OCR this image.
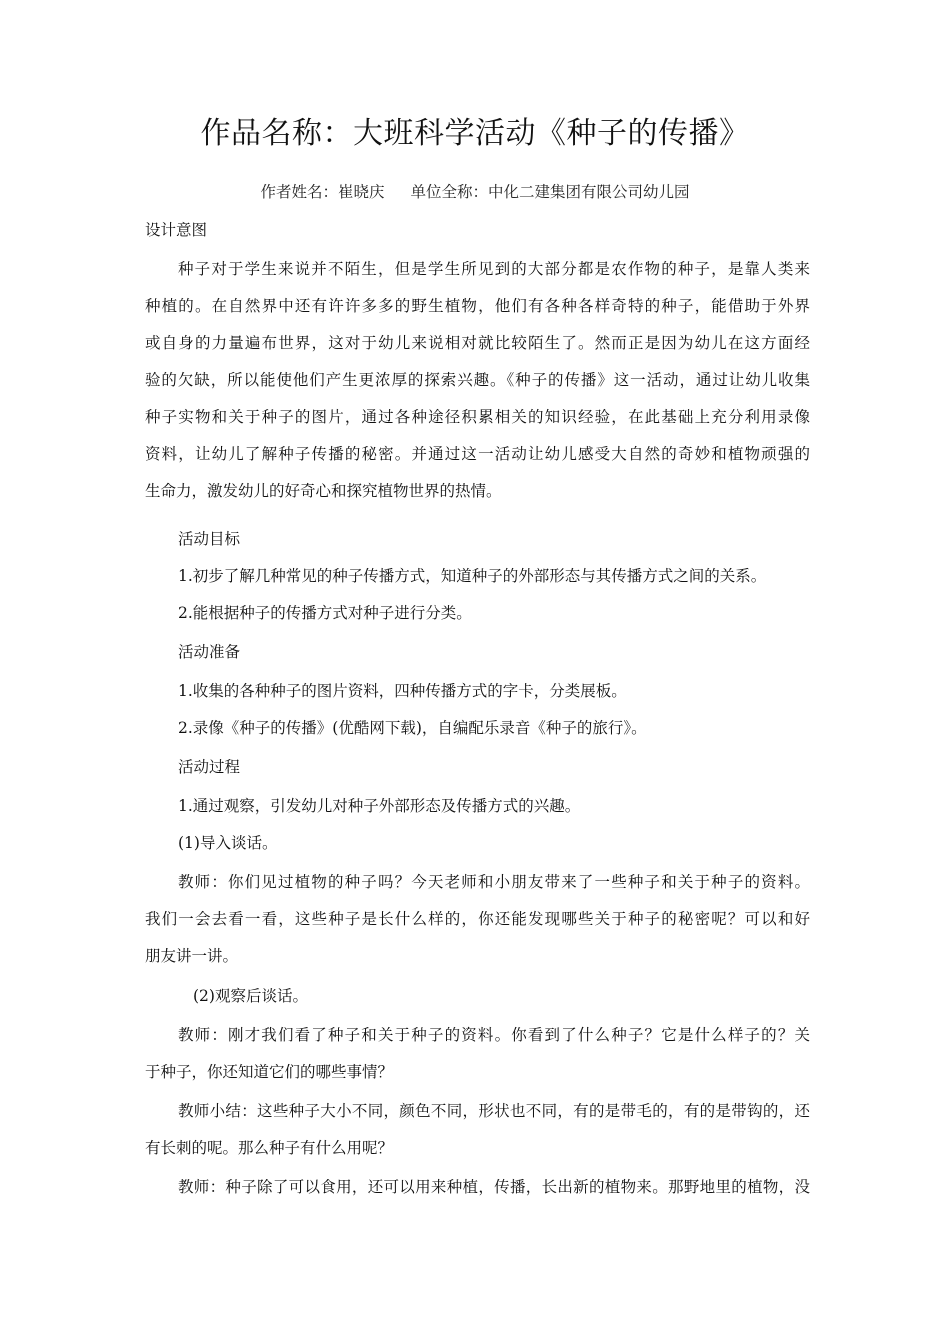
作品名称：大班科学活动《种子的传播》
作者姓名：崔晓庆 单位全称：中化二建集团有限公司幼儿园
设计意图
种子对于学生来说并不陌生，但是学生所见到的大部分都是农作物的种子，是靠人类来
种植的。在自然界中还有许许多多的野生植物，他们有各种各样奇特的种子，能借助于外界
或自身的力量遍布世界，这对于幼儿来说相对就比较陌生了。然而正是因为幼儿在这方面经
验的欠缺，所以能使他们产生更浓厚的探索兴趣。《种子的传播》这一活动，通过让幼儿收集
种子实物和关于种子的图片，通过各种途径积累相关的知识经验，在此基础上充分利用录像
资料，让幼儿了解种子传播的秘密。并通过这一活动让幼儿感受大自然的奇妙和植物顽强的
生命力，激发幼儿的好奇心和探究植物世界的热情。
活动目标
1.初步了解几种常见的种子传播方式，知道种子的外部形态与其传播方式之间的关系。
2.能根据种子的传播方式对种子进行分类。
活动准备
1.收集的各种种子的图片资料，四种传播方式的字卡，分类展板。
2.录像《种子的传播》(优酷网下载)，自编配乐录音《种子的旅行》。
活动过程
1.通过观察，引发幼儿对种子外部形态及传播方式的兴趣。
(1)导入谈话。
教师：你们见过植物的种子吗？今天老师和小朋友带来了一些种子和关于种子的资料。
我们一会去看一看，这些种子是长什么样的，你还能发现哪些关于种子的秘密呢？可以和好
朋友讲一讲。
(2)观察后谈话。
教师：刚才我们看了种子和关于种子的资料。你看到了什么种子？它是什么样子的？关
于种子，你还知道它们的哪些事情？
教师小结：这些种子大小不同，颜色不同，形状也不同，有的是带毛的，有的是带钩的，还
有长刺的呢。那么种子有什么用呢？
教师：种子除了可以食用，还可以用来种植，传播，长出新的植物来。那野地里的植物，没
